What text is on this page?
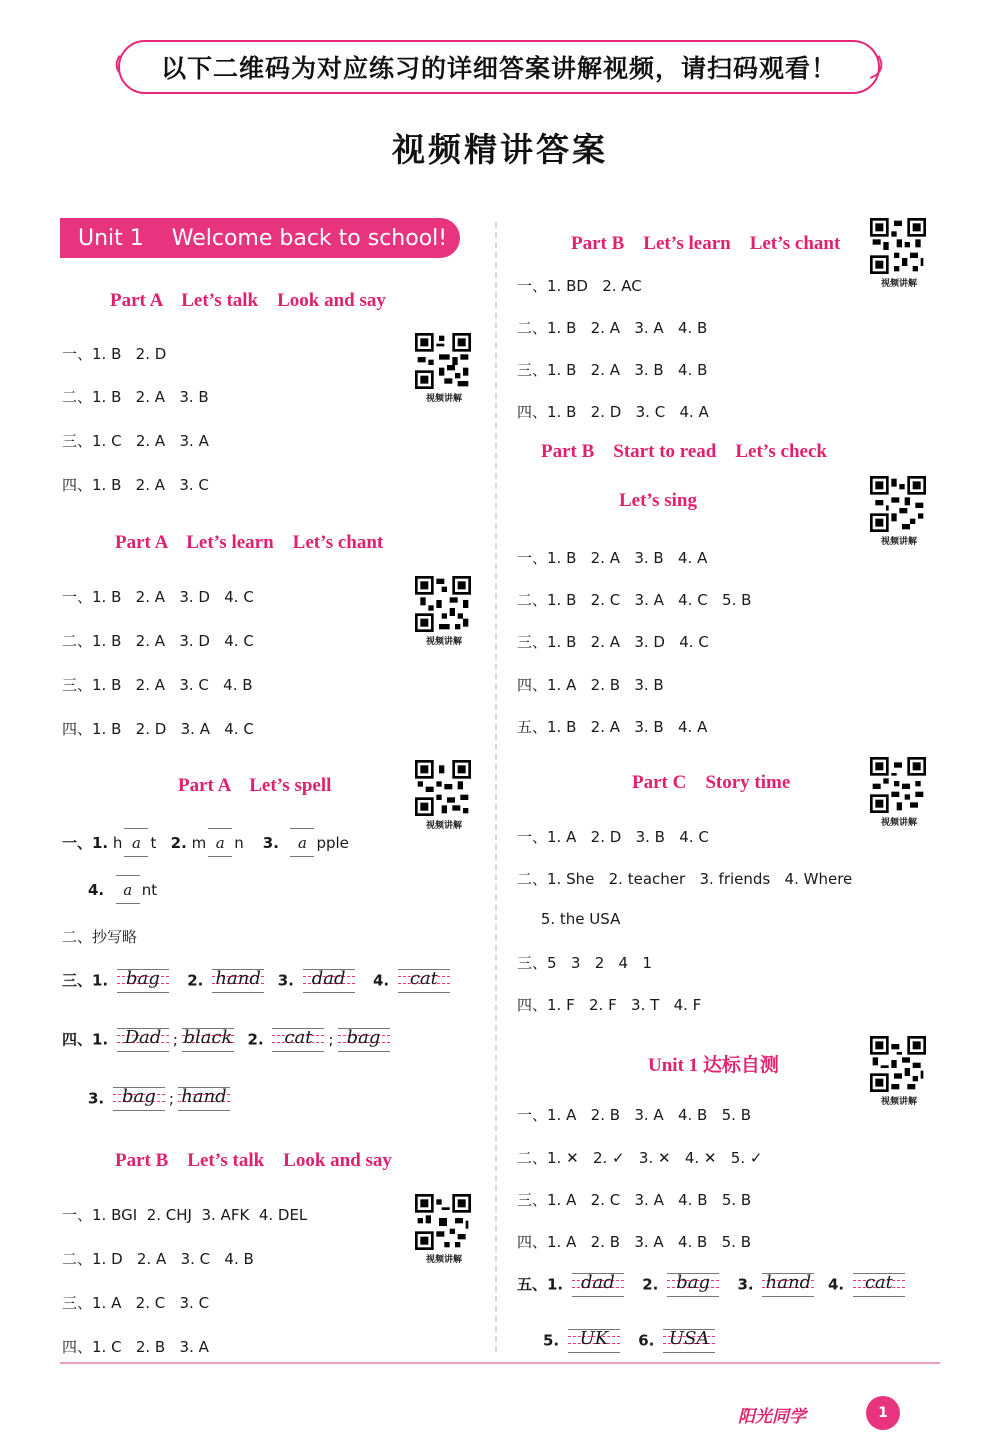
以下二维码为对应练习的详细答案讲解视频，请扫码观看！
视频精讲答案
Unit 1    Welcome back to school!
Part A    Let’s talk    Look and say
一、1. B   2. D
二、1. B   2. A   3. B
三、1. C   2. A   3. A
四、1. B   2. A   3. C
视频讲解
Part A    Let’s learn    Let’s chant
一、1. B   2. A   3. D   4. C
二、1. B   2. A   3. D   4. C
三、1. B   2. A   3. C   4. B
四、1. B   2. D   3. A   4. C
视频讲解
Part A    Let’s spell
视频讲解
一、1. h a t 2. m a n 3. a pple
4. a nt
二、抄写略
三、1. bag 2. hand 3. dad 4. cat
四、1. Dad ; black 2. cat ; bag
3. bag ; hand
Part B    Let’s talk    Look and say
一、1. BGI  2. CHJ  3. AFK  4. DEL
二、1. D   2. A   3. C   4. B
三、1. A   2. C   3. C
四、1. C   2. B   3. A
视频讲解
Part B    Let’s learn    Let’s chant
一、1. BD   2. AC
二、1. B   2. A   3. A   4. B
三、1. B   2. A   3. B   4. B
四、1. B   2. D   3. C   4. A
视频讲解
Part B    Start to read    Let’s check
Let’s sing
视频讲解
一、1. B   2. A   3. B   4. A
二、1. B   2. C   3. A   4. C   5. B
三、1. B   2. A   3. D   4. C
四、1. A   2. B   3. B
五、1. B   2. A   3. B   4. A
Part C    Story time
视频讲解
一、1. A   2. D   3. B   4. C
二、1. She   2. teacher   3. friends   4. Where
5. the USA
三、5   3   2   4   1
四、1. F   2. F   3. T   4. F
Unit 1 达标自测
视频讲解
一、1. A   2. B   3. A   4. B   5. B
二、1. ✕   2. ✓   3. ✕   4. ✕   5. ✓
三、1. A   2. C   3. A   4. B   5. B
四、1. A   2. B   3. A   4. B   5. B
五、1. dad 2. bag 3. hand 4. cat
5. UK 6. USA
阳光同学	1
